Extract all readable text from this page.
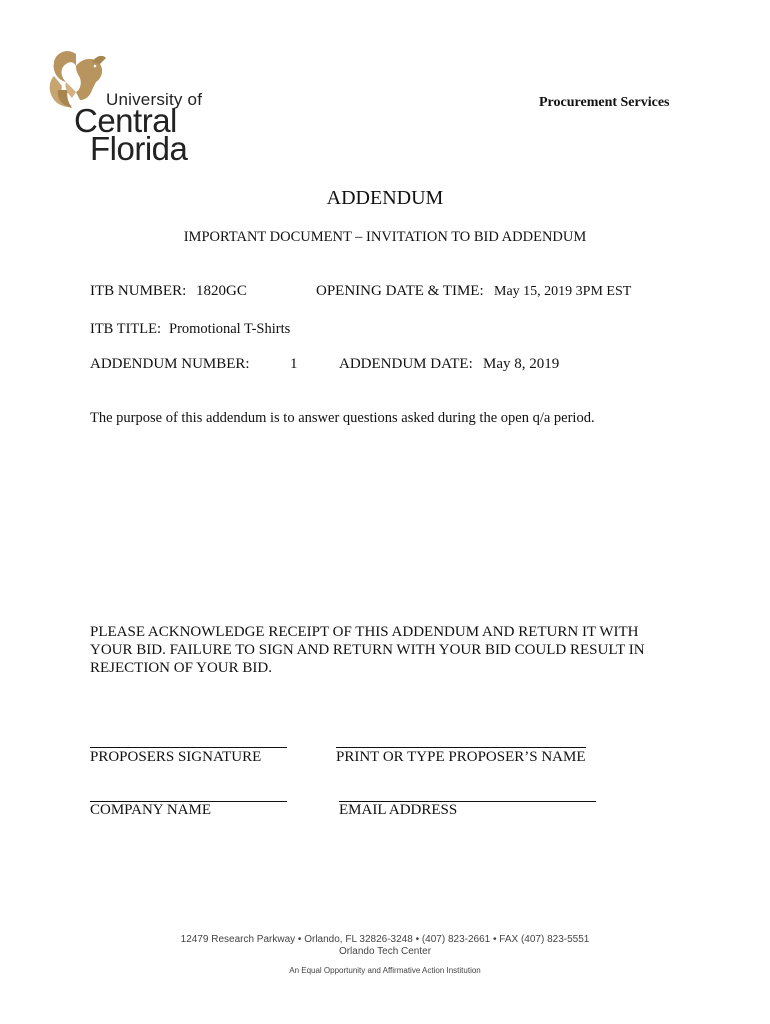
University of
Central
Florida
Procurement Services
ADDENDUM
IMPORTANT DOCUMENT – INVITATION TO BID ADDENDUM
ITB NUMBER: 1820GC	OPENING DATE & TIME: May 15, 2019 3PM EST
ITB TITLE: Promotional T-Shirts
ADDENDUM NUMBER:	1	ADDENDUM DATE: May 8, 2019
The purpose of this addendum is to answer questions asked during the open q/a period.
PLEASE ACKNOWLEDGE RECEIPT OF THIS ADDENDUM AND RETURN IT WITH
YOUR BID. FAILURE TO SIGN AND RETURN WITH YOUR BID COULD RESULT IN
REJECTION OF YOUR BID.
PROPOSERS SIGNATURE	PRINT OR TYPE PROPOSER’S NAME
COMPANY NAME	EMAIL ADDRESS
12479 Research Parkway • Orlando, FL 32826-3248 • (407) 823-2661 • FAX (407) 823-5551
Orlando Tech Center
An Equal Opportunity and Affirmative Action Institution
